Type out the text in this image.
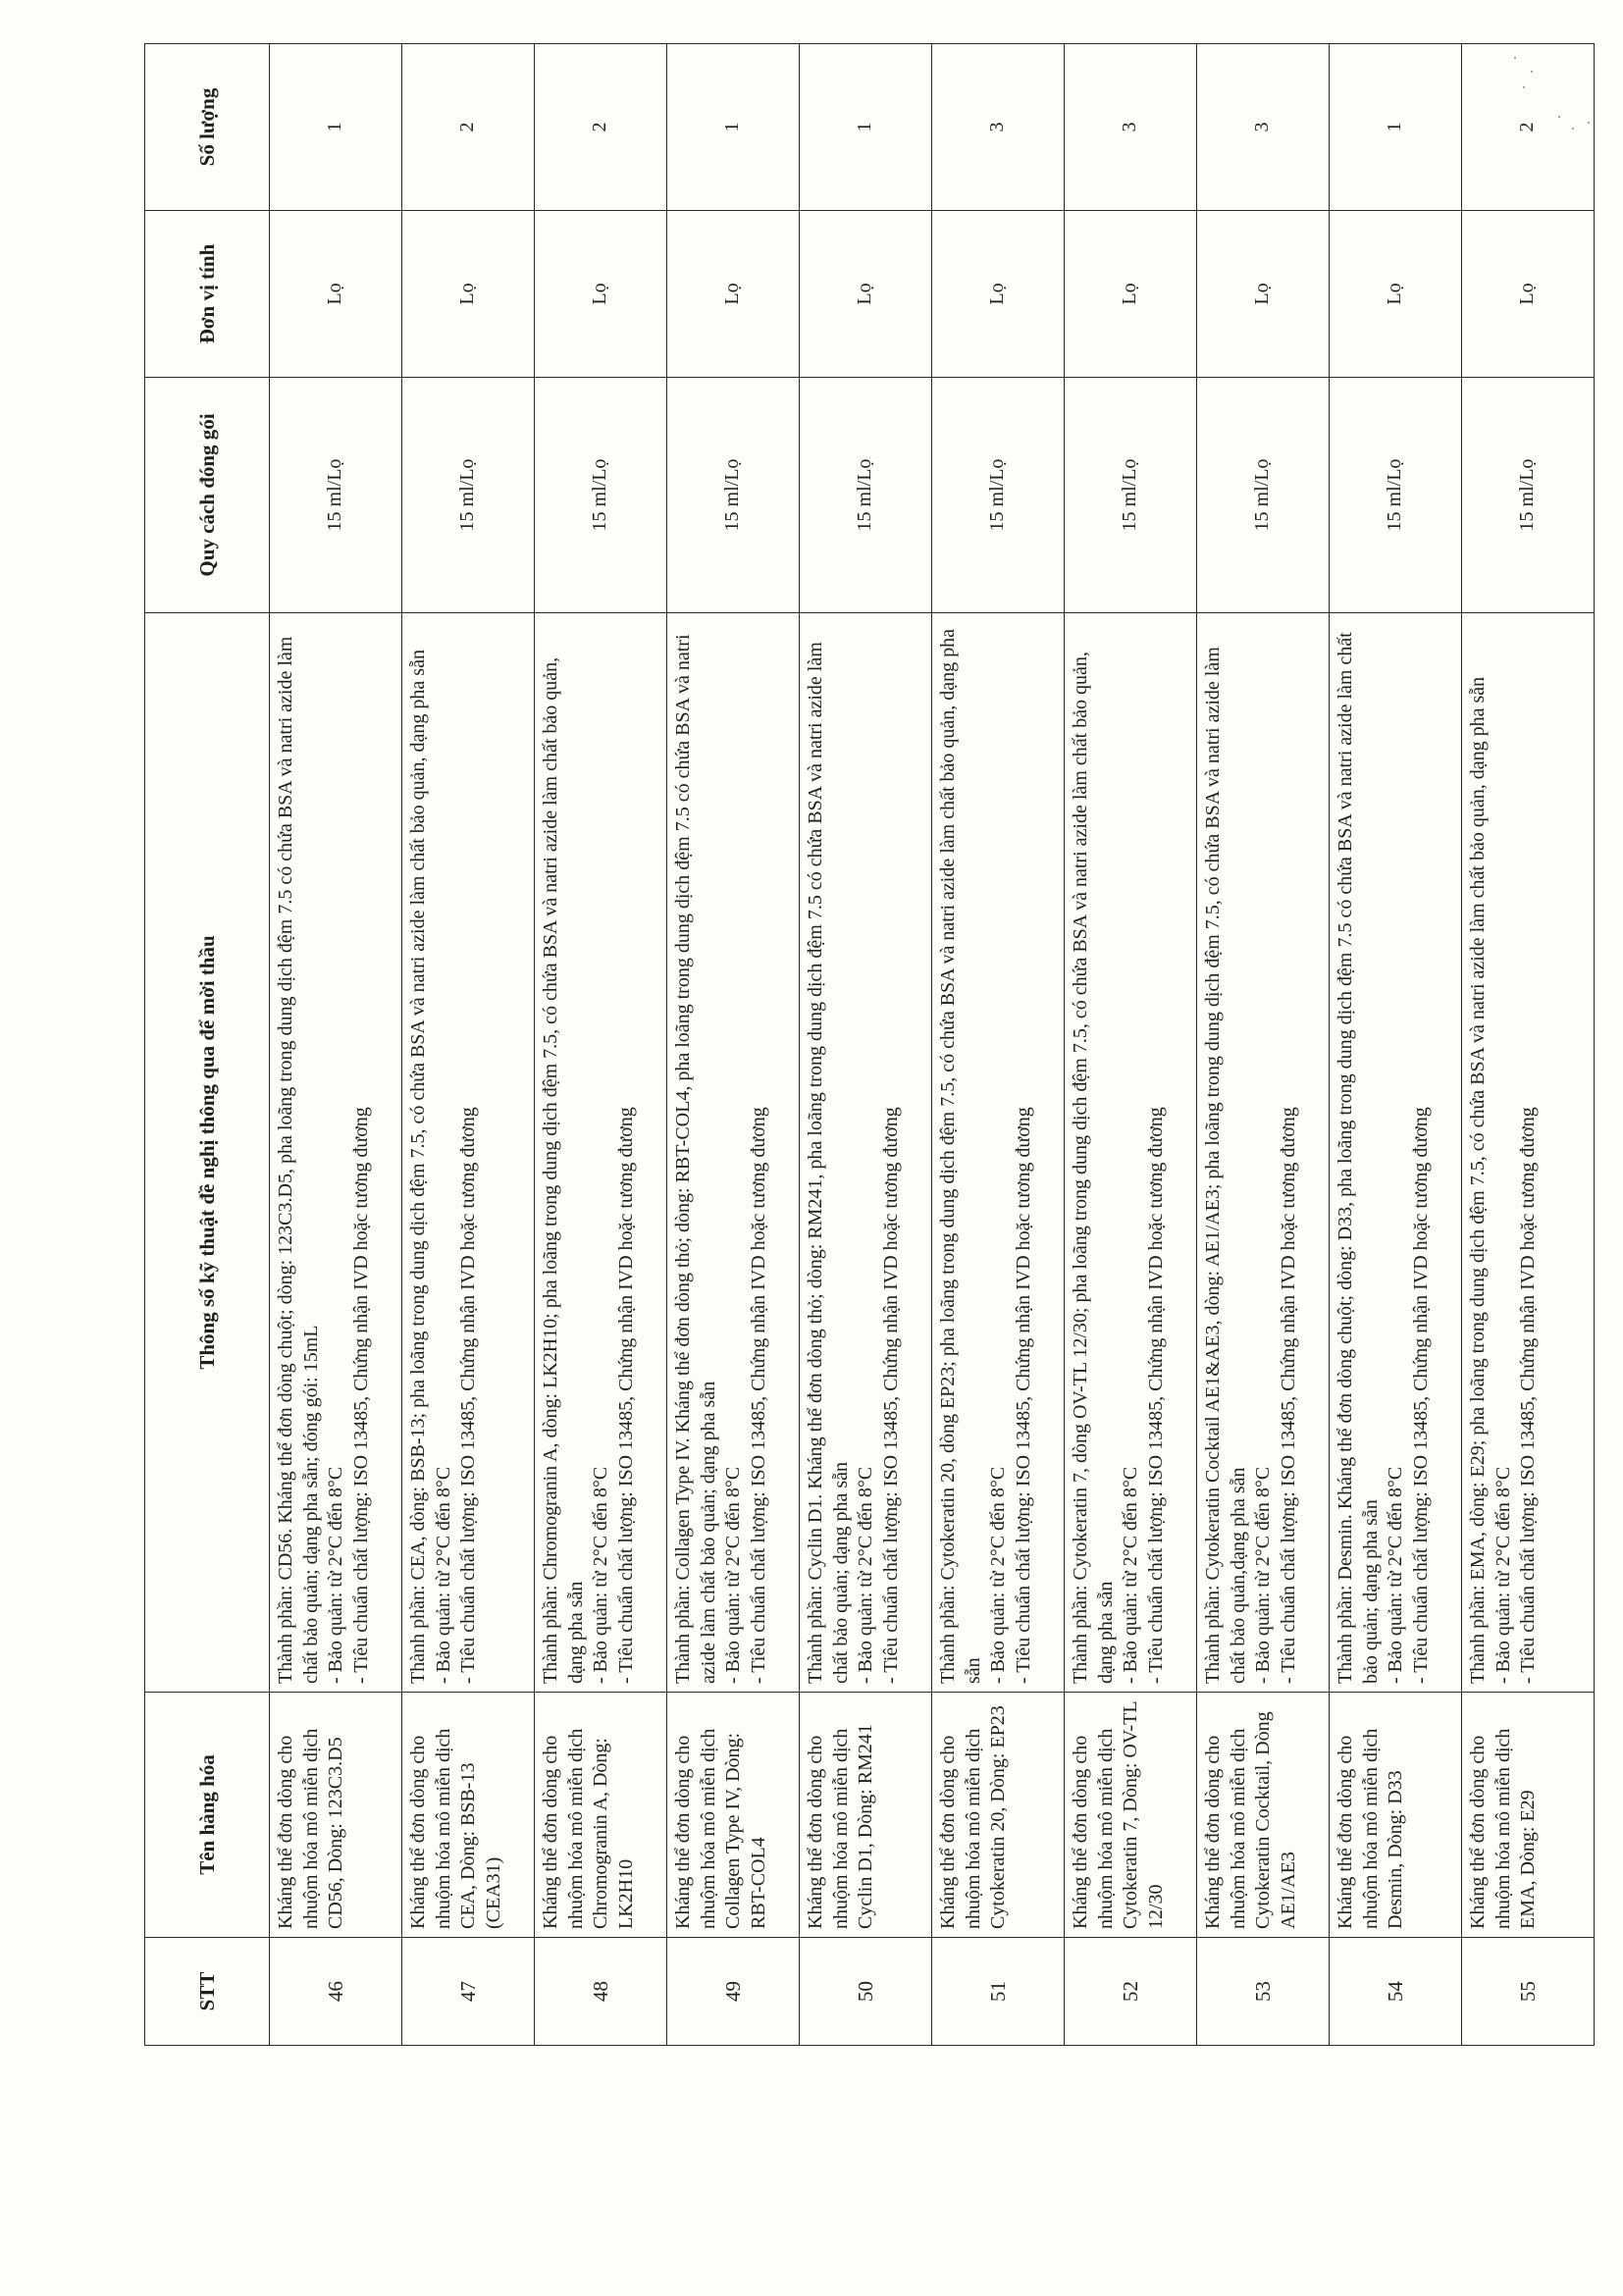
STT	Tên hàng hóa	Thông số kỹ thuật đề nghị thông qua để mời thầu	Quy cách đóng gói	Đơn vị tính	Số lượng
46	Kháng thể đơn dòng cho nhuộm hóa mô miễn dịch CD56, Dòng: 123C3.D5	Thành phần: CD56. Kháng thể đơn dòng chuột; dòng: 123C3.D5, pha loãng trong dung dịch đệm 7.5 có chứa BSA và natri azide làm chất bảo quản; dạng pha sẵn; đóng gói: 15mL - Bảo quản: từ 2°C đến 8°C - Tiêu chuẩn chất lượng: ISO 13485, Chứng nhận IVD hoặc tương đương	15 ml/Lọ	Lọ	1
47	Kháng thể đơn dòng cho nhuộm hóa mô miễn dịch CEA, Dòng: BSB-13 (CEA31)	Thành phần: CEA, dòng: BSB-13; pha loãng trong dung dịch đệm 7.5, có chứa BSA và natri azide làm chất bảo quản, dạng pha sẵn - Bảo quản: từ 2°C đến 8°C - Tiêu chuẩn chất lượng: ISO 13485, Chứng nhận IVD hoặc tương đương	15 ml/Lọ	Lọ	2
48	Kháng thể đơn dòng cho nhuộm hóa mô miễn dịch Chromogranin A, Dòng: LK2H10	Thành phần: Chromogranin A, dòng: LK2H10; pha loãng trong dung dịch đệm 7.5, có chứa BSA và natri azide làm chất bảo quản, dạng pha sẵn - Bảo quản: từ 2°C đến 8°C - Tiêu chuẩn chất lượng: ISO 13485, Chứng nhận IVD hoặc tương đương	15 ml/Lọ	Lọ	2
49	Kháng thể đơn dòng cho nhuộm hóa mô miễn dịch Collagen Type IV, Dòng: RBT-COL4	Thành phần: Collagen Type IV. Kháng thể đơn dòng thỏ; dòng: RBT-COL4, pha loãng trong dung dịch đệm 7.5 có chứa BSA và natri azide làm chất bảo quản; dạng pha sẵn - Bảo quản: từ 2°C đến 8°C - Tiêu chuẩn chất lượng: ISO 13485, Chứng nhận IVD hoặc tương đương	15 ml/Lọ	Lọ	1
50	Kháng thể đơn dòng cho nhuộm hóa mô miễn dịch Cyclin D1, Dòng: RM241	Thành phần: Cyclin D1. Kháng thể đơn dòng thỏ; dòng: RM241, pha loãng trong dung dịch đệm 7.5 có chứa BSA và natri azide làm chất bảo quản; dạng pha sẵn - Bảo quản: từ 2°C đến 8°C - Tiêu chuẩn chất lượng: ISO 13485, Chứng nhận IVD hoặc tương đương	15 ml/Lọ	Lọ	1
51	Kháng thể đơn dòng cho nhuộm hóa mô miễn dịch Cytokeratin 20, Dòng: EP23	Thành phần: Cytokeratin 20, dòng EP23; pha loãng trong dung dịch đệm 7.5, có chứa BSA và natri azide làm chất bảo quản, dạng pha sẵn - Bảo quản: từ 2°C đến 8°C - Tiêu chuẩn chất lượng: ISO 13485, Chứng nhận IVD hoặc tương đương	15 ml/Lọ	Lọ	3
52	Kháng thể đơn dòng cho nhuộm hóa mô miễn dịch Cytokeratin 7, Dòng: OV-TL 12/30	Thành phần: Cytokeratin 7, dòng OV-TL 12/30; pha loãng trong dung dịch đệm 7.5, có chứa BSA và natri azide làm chất bảo quản, dạng pha sẵn - Bảo quản: từ 2°C đến 8°C - Tiêu chuẩn chất lượng: ISO 13485, Chứng nhận IVD hoặc tương đương	15 ml/Lọ	Lọ	3
53	Kháng thể đơn dòng cho nhuộm hóa mô miễn dịch Cytokeratin Cocktail, Dòng AE1/AE3	Thành phần: Cytokeratin Cocktail AE1&AE3, dòng: AE1/AE3; pha loãng trong dung dịch đệm 7.5, có chứa BSA và natri azide làm chất bảo quản,dạng pha sẵn - Bảo quản: từ 2°C đến 8°C - Tiêu chuẩn chất lượng: ISO 13485, Chứng nhận IVD hoặc tương đương	15 ml/Lọ	Lọ	3
54	Kháng thể đơn dòng cho nhuộm hóa mô miễn dịch Desmin, Dòng: D33	Thành phần: Desmin. Kháng thể đơn dòng chuột; dòng: D33, pha loãng trong dung dịch đệm 7.5 có chứa BSA và natri azide làm chất bảo quản; dạng pha sẵn - Bảo quản: từ 2°C đến 8°C - Tiêu chuẩn chất lượng: ISO 13485, Chứng nhận IVD hoặc tương đương	15 ml/Lọ	Lọ	1
55	Kháng thể đơn dòng cho nhuộm hóa mô miễn dịch EMA, Dòng: E29	Thành phần: EMA, dòng: E29; pha loãng trong dung dịch đệm 7.5, có chứa BSA và natri azide làm chất bảo quản, dạng pha sẵn - Bảo quản: từ 2°C đến 8°C - Tiêu chuẩn chất lượng: ISO 13485, Chứng nhận IVD hoặc tương đương	15 ml/Lọ	Lọ	2
